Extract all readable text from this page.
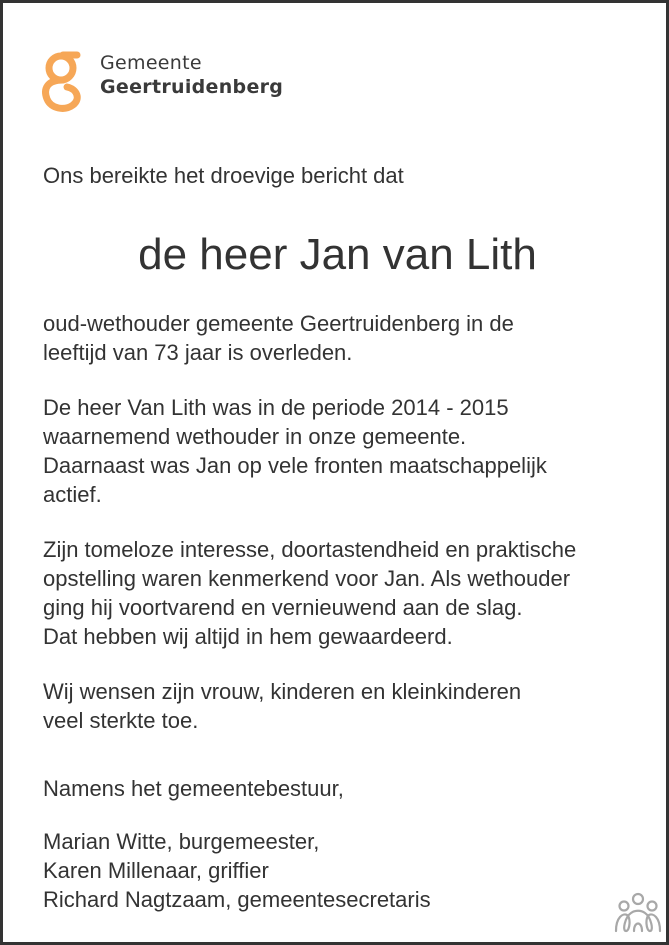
Gemeente
Geertruidenberg
Ons bereikte het droevige bericht dat
de heer Jan van Lith
oud-wethouder gemeente Geertruidenberg in de
leeftijd van 73 jaar is overleden.
De heer Van Lith was in de periode 2014 - 2015
waarnemend wethouder in onze gemeente.
Daarnaast was Jan op vele fronten maatschappelijk
actief.
Zijn tomeloze interesse, doortastendheid en praktische
opstelling waren kenmerkend voor Jan. Als wethouder
ging hij voortvarend en vernieuwend aan de slag.
Dat hebben wij altijd in hem gewaardeerd.
Wij wensen zijn vrouw, kinderen en kleinkinderen
veel sterkte toe.
Namens het gemeentebestuur,
Marian Witte, burgemeester,
Karen Millenaar, griffier
Richard Nagtzaam, gemeentesecretaris
